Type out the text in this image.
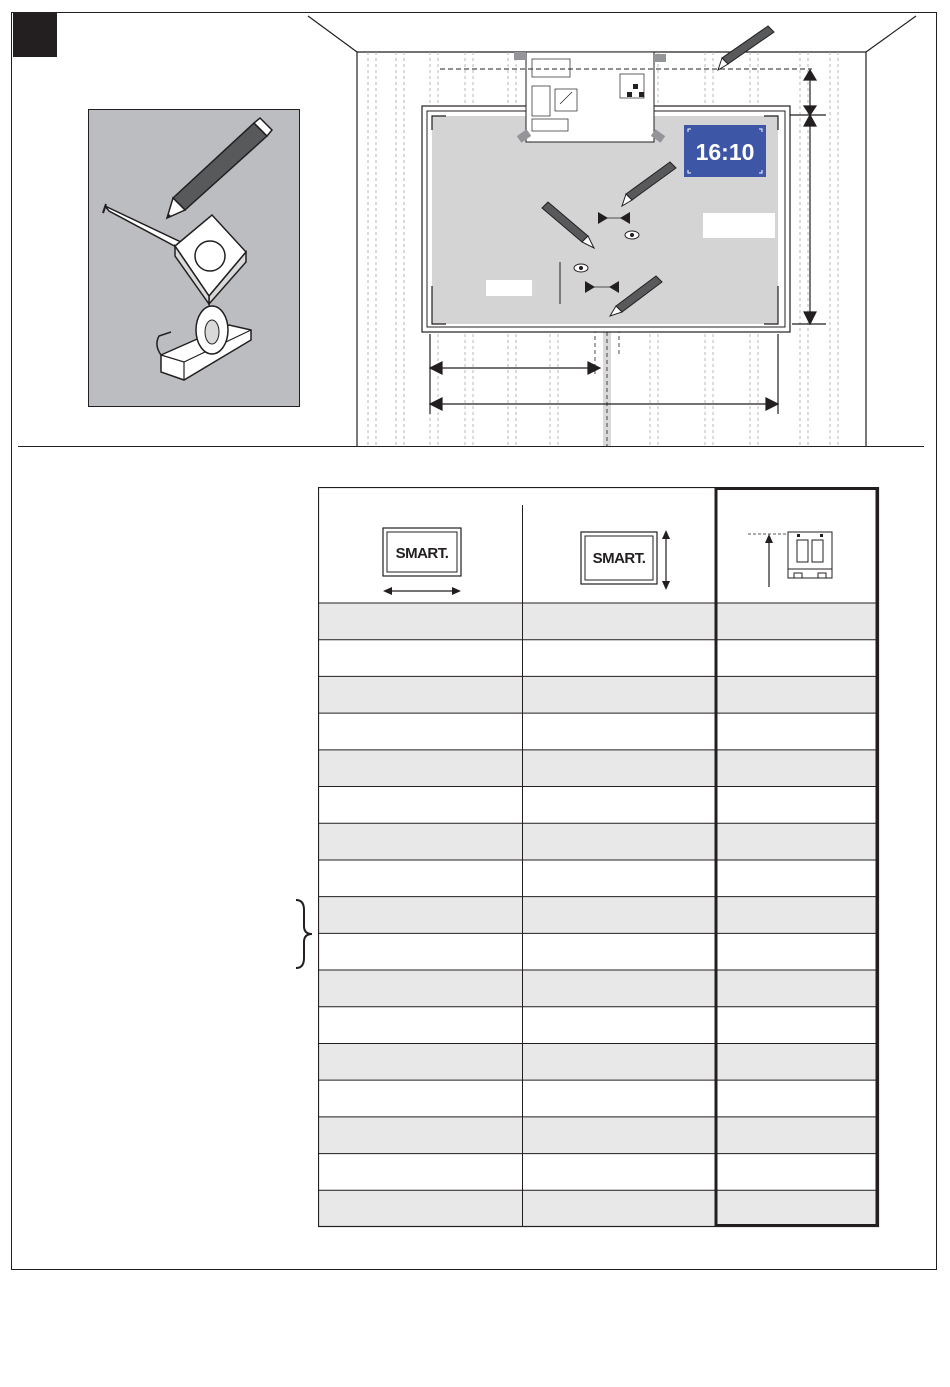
16:10
SMART.	SMART.
